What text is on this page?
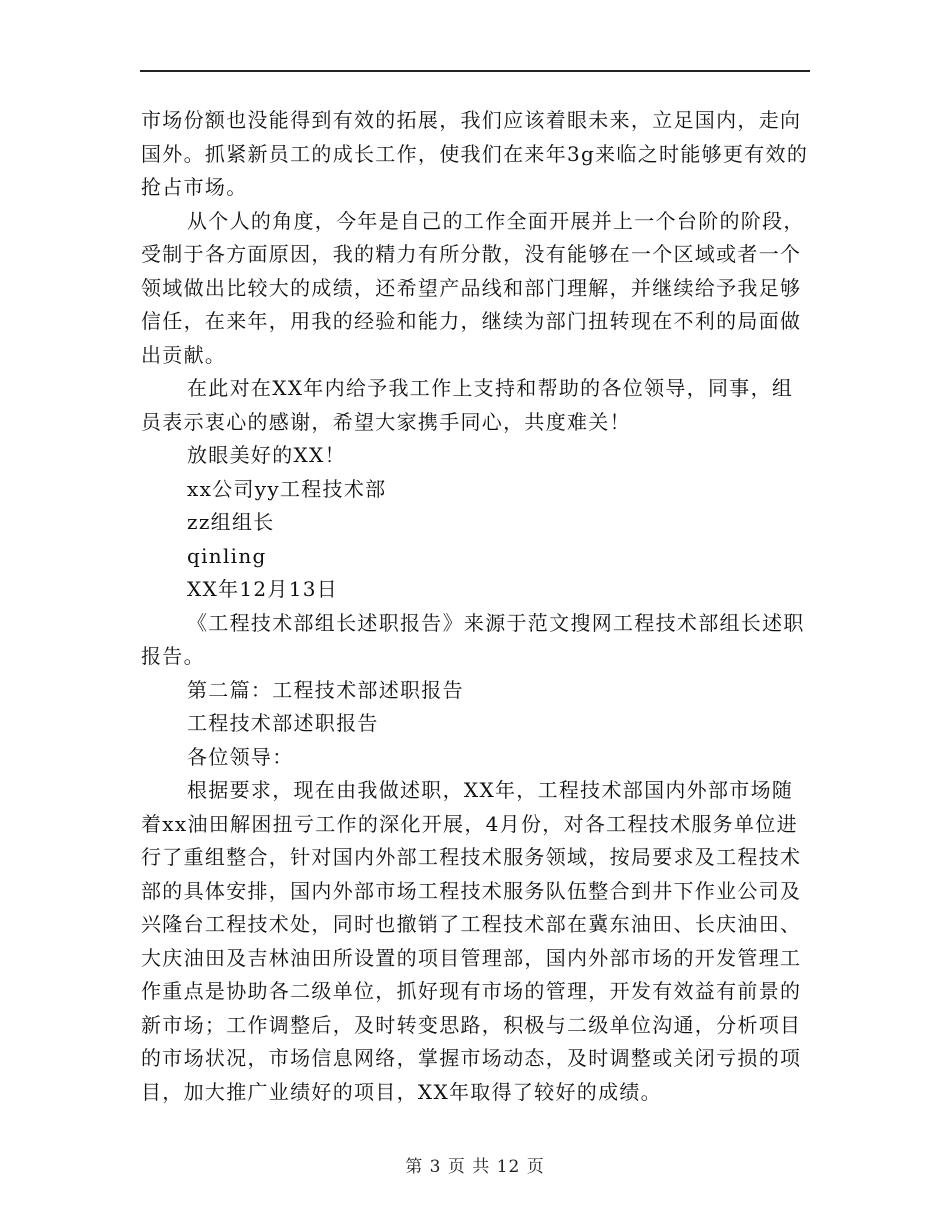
市场份额也没能得到有效的拓展，我们应该着眼未来，立足国内，走向国外。抓紧新员工的成长工作，使我们在来年3g来临之时能够更有效的抢占市场。

从个人的角度，今年是自己的工作全面开展并上一个台阶的阶段，受制于各方面原因，我的精力有所分散，没有能够在一个区域或者一个领域做出比较大的成绩，还希望产品线和部门理解，并继续给予我足够信任，在来年，用我的经验和能力，继续为部门扭转现在不利的局面做出贡献。

在此对在XX年内给予我工作上支持和帮助的各位领导，同事，组员表示衷心的感谢，希望大家携手同心，共度难关！

放眼美好的XX！

xx公司yy工程技术部

zz组组长

qinling

XX年12月13日

《工程技术部组长述职报告》来源于范文搜网工程技术部组长述职报告。

第二篇：工程技术部述职报告

工程技术部述职报告

各位领导：

根据要求，现在由我做述职，XX年，工程技术部国内外部市场随着xx油田解困扭亏工作的深化开展，4月份，对各工程技术服务单位进行了重组整合，针对国内外部工程技术服务领域，按局要求及工程技术部的具体安排，国内外部市场工程技术服务队伍整合到井下作业公司及兴隆台工程技术处，同时也撤销了工程技术部在冀东油田、长庆油田、大庆油田及吉林油田所设置的项目管理部，国内外部市场的开发管理工作重点是协助各二级单位，抓好现有市场的管理，开发有效益有前景的新市场；工作调整后，及时转变思路，积极与二级单位沟通，分析项目的市场状况，市场信息网络，掌握市场动态，及时调整或关闭亏损的项目，加大推广业绩好的项目，XX年取得了较好的成绩。

第 3 页 共 12 页
